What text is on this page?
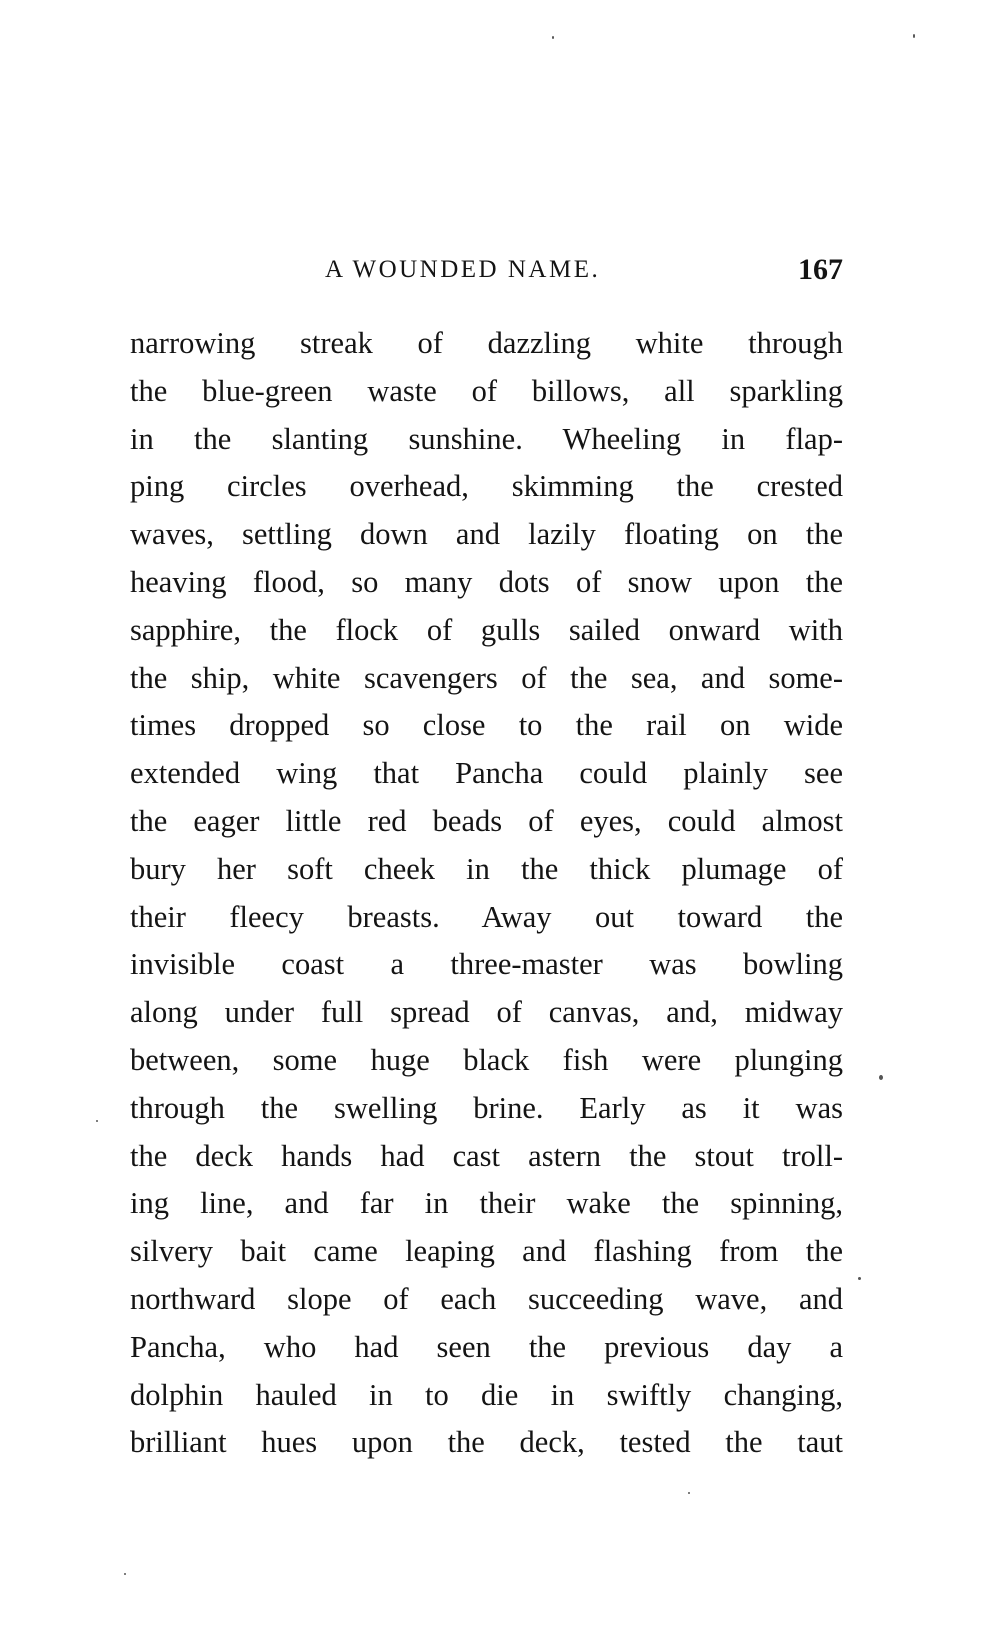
A WOUNDED NAME.	167
narrowing streak of dazzling white through
the blue-green waste of billows, all sparkling
in the slanting sunshine. Wheeling in flap-
ping circles overhead, skimming the crested
waves, settling down and lazily floating on the
heaving flood, so many dots of snow upon the
sapphire, the flock of gulls sailed onward with
the ship, white scavengers of the sea, and some-
times dropped so close to the rail on wide
extended wing that Pancha could plainly see
the eager little red beads of eyes, could almost
bury her soft cheek in the thick plumage of
their fleecy breasts. Away out toward the
invisible coast a three-master was bowling
along under full spread of canvas, and, midway
between, some huge black fish were plunging
through the swelling brine. Early as it was
the deck hands had cast astern the stout troll-
ing line, and far in their wake the spinning,
silvery bait came leaping and flashing from the
northward slope of each succeeding wave, and
Pancha, who had seen the previous day a
dolphin hauled in to die in swiftly changing,
brilliant hues upon the deck, tested the taut
